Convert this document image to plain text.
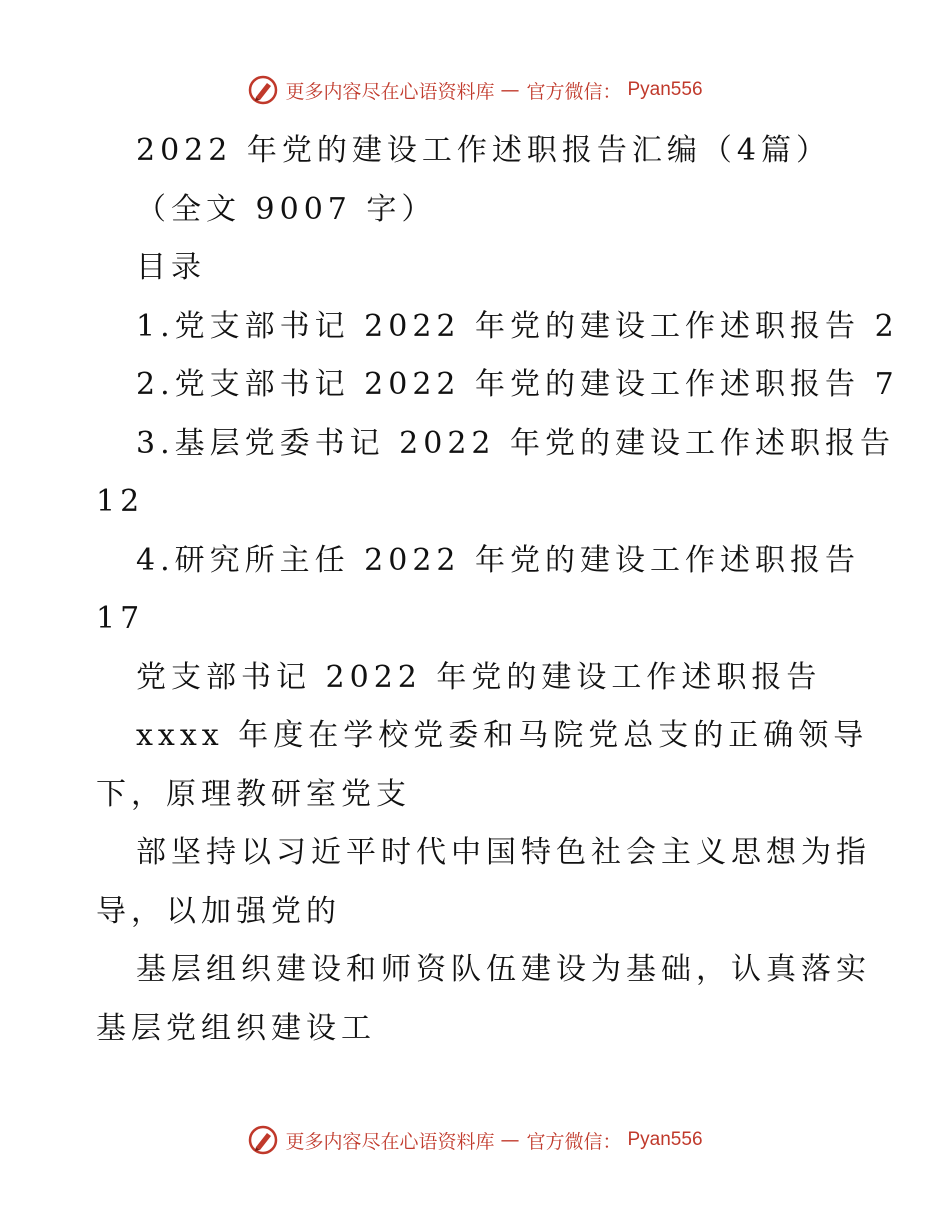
更多内容尽在心语资料库 — 官方微信： Pyan556
2022 年党的建设工作述职报告汇编（4篇）
（全文 9007 字）
目录
1.党支部书记 2022 年党的建设工作述职报告 2
2.党支部书记 2022 年党的建设工作述职报告 7
3.基层党委书记 2022 年党的建设工作述职报告
12
4.研究所主任 2022 年党的建设工作述职报告
17
党支部书记 2022 年党的建设工作述职报告
xxxx 年度在学校党委和马院党总支的正确领导
下，原理教研室党支
部坚持以习近平时代中国特色社会主义思想为指
导，以加强党的
基层组织建设和师资队伍建设为基础，认真落实
基层党组织建设工
更多内容尽在心语资料库 — 官方微信： Pyan556
